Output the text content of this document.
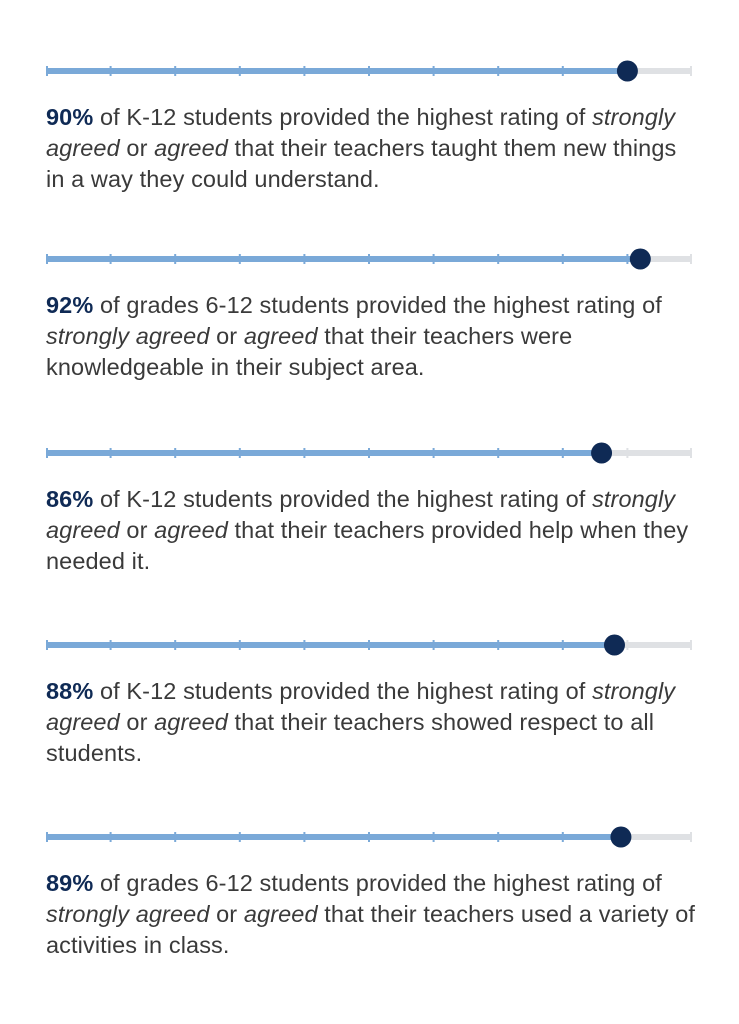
90% of K-12 students provided the highest rating of strongly agreed or agreed that their teachers taught them new things in a way they could understand.

92% of grades 6-12 students provided the highest rating of strongly agreed or agreed that their teachers were knowledgeable in their subject area.

86% of K-12 students provided the highest rating of strongly agreed or agreed that their teachers provided help when they needed it.

88% of K-12 students provided the highest rating of strongly agreed or agreed that their teachers showed respect to all students.

89% of grades 6-12 students provided the highest rating of strongly agreed or agreed that their teachers used a variety of activities in class.
